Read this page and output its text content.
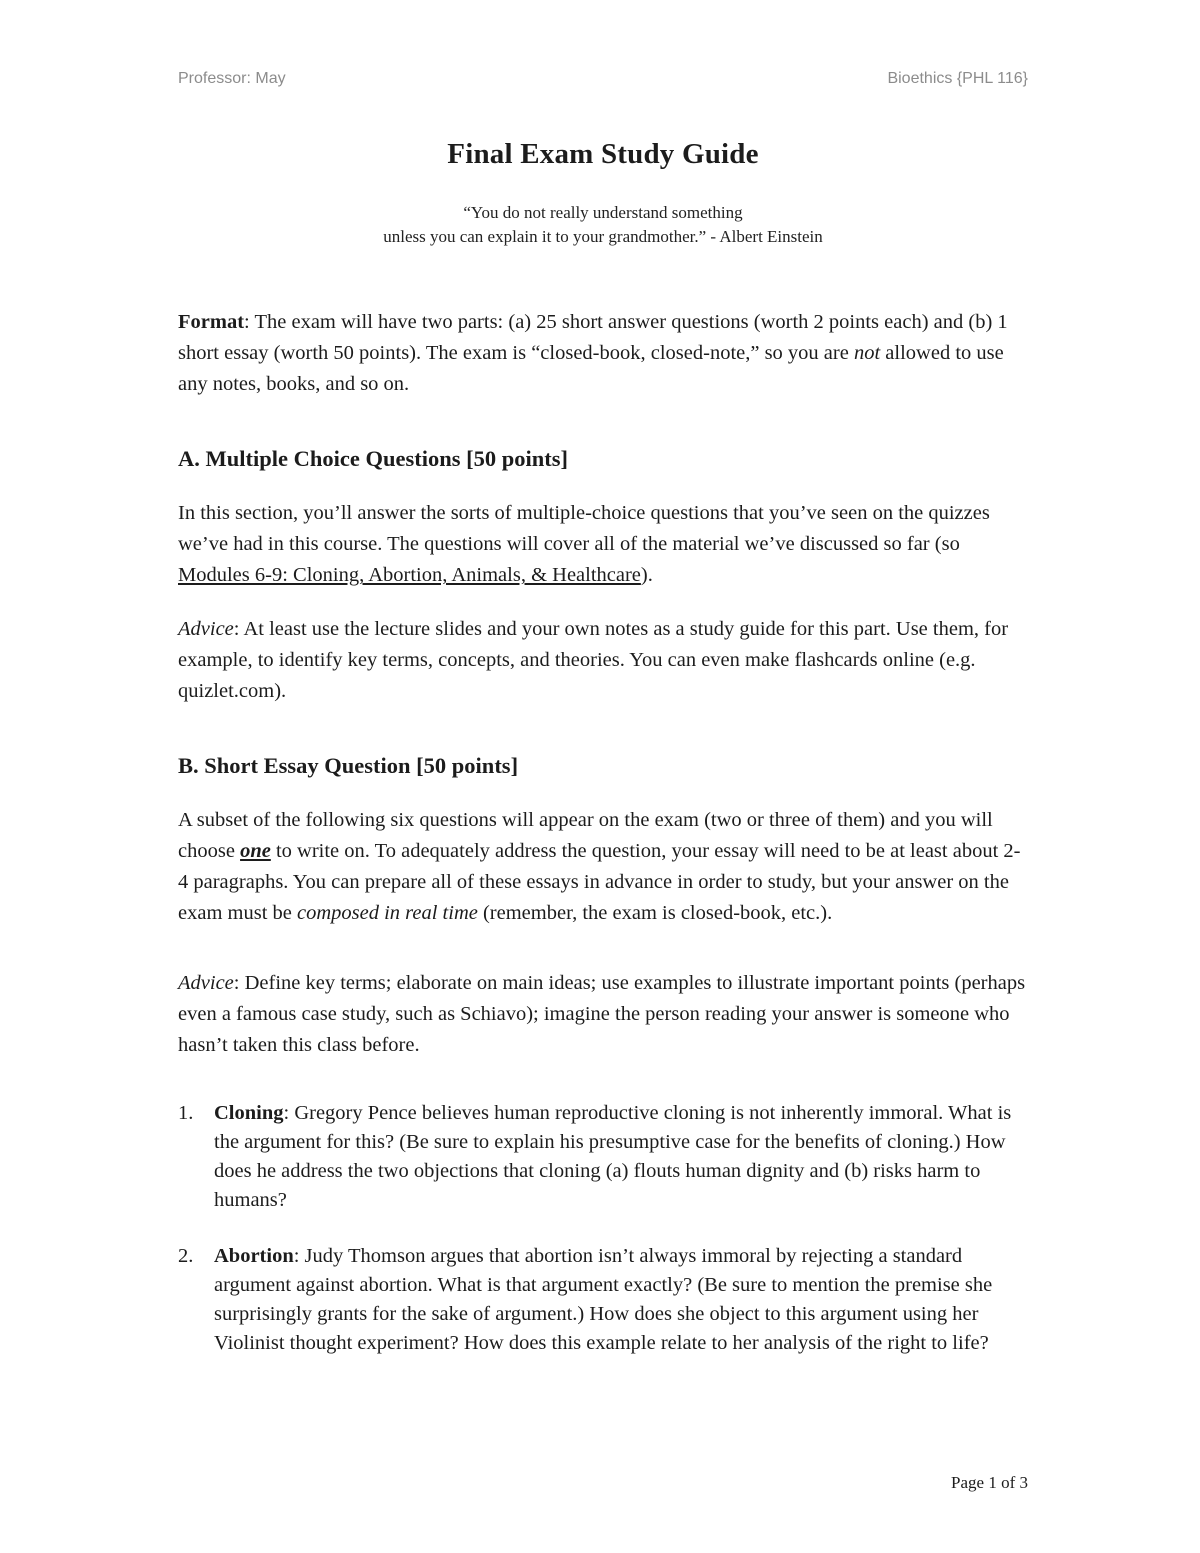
Professor: May	Bioethics {PHL 116}
Final Exam Study Guide
“You do not really understand something
unless you can explain it to your grandmother.” - Albert Einstein

Format: The exam will have two parts: (a) 25 short answer questions (worth 2 points each) and (b) 1 short essay (worth 50 points). The exam is “closed-book, closed-note,” so you are not allowed to use any notes, books, and so on.

A. Multiple Choice Questions [50 points]

In this section, you’ll answer the sorts of multiple-choice questions that you’ve seen on the quizzes we’ve had in this course. The questions will cover all of the material we’ve discussed so far (so Modules 6-9: Cloning, Abortion, Animals, & Healthcare).

Advice: At least use the lecture slides and your own notes as a study guide for this part. Use them, for example, to identify key terms, concepts, and theories. You can even make flashcards online (e.g. quizlet.com).

B. Short Essay Question [50 points]

A subset of the following six questions will appear on the exam (two or three of them) and you will choose one to write on. To adequately address the question, your essay will need to be at least about 2-4 paragraphs. You can prepare all of these essays in advance in order to study, but your answer on the exam must be composed in real time (remember, the exam is closed-book, etc.).

Advice: Define key terms; elaborate on main ideas; use examples to illustrate important points (perhaps even a famous case study, such as Schiavo); imagine the person reading your answer is someone who hasn’t taken this class before.

1.	Cloning: Gregory Pence believes human reproductive cloning is not inherently immoral. What is the argument for this? (Be sure to explain his presumptive case for the benefits of cloning.) How does he address the two objections that cloning (a) flouts human dignity and (b) risks harm to humans?
2.	Abortion: Judy Thomson argues that abortion isn’t always immoral by rejecting a standard argument against abortion. What is that argument exactly? (Be sure to mention the premise she surprisingly grants for the sake of argument.) How does she object to this argument using her Violinist thought experiment? How does this example relate to her analysis of the right to life?
Page 1 of 3
